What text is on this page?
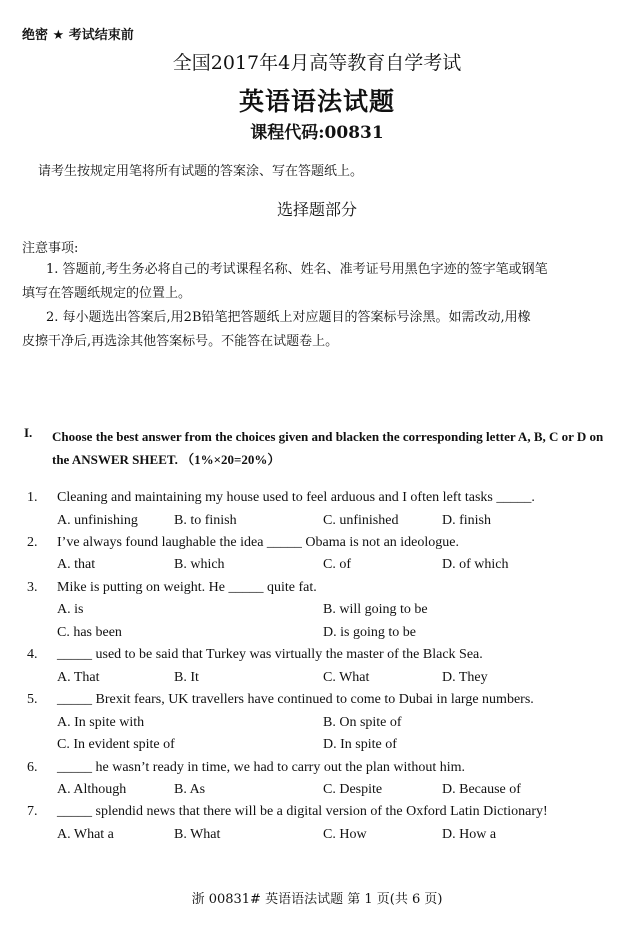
绝密 ★ 考试结束前
全国2017年4月高等教育自学考试
英语语法试题
课程代码:00831
请考生按规定用笔将所有试题的答案涂、写在答题纸上。
选择题部分
注意事项:
1. 答题前,考生务必将自己的考试课程名称、姓名、准考证号用黑色字迹的签字笔或钢笔
填写在答题纸规定的位置上。
2. 每小题选出答案后,用2B铅笔把答题纸上对应题目的答案标号涂黑。如需改动,用橡
皮擦干净后,再选涂其他答案标号。不能答在试题卷上。
I. Choose the best answer from the choices given and blacken the corresponding letter A, B, C or D on the ANSWER SHEET. （1%×20=20%）
1. Cleaning and maintaining my house used to feel arduous and I often left tasks _____.
A. unfinishing	B. to finish	C. unfinished	D. finish
2. I’ve always found laughable the idea _____ Obama is not an ideologue.
A. that	B. which	C. of	D. of which
3. Mike is putting on weight. He _____ quite fat.
A. is	B. will going to be
C. has been	D. is going to be
4. _____ used to be said that Turkey was virtually the master of the Black Sea.
A. That	B. It	C. What	D. They
5. _____ Brexit fears, UK travellers have continued to come to Dubai in large numbers.
A. In spite with	B. On spite of
C. In evident spite of	D. In spite of
6. _____ he wasn’t ready in time, we had to carry out the plan without him.
A. Although	B. As	C. Despite	D. Because of
7. _____ splendid news that there will be a digital version of the Oxford Latin Dictionary!
A. What a	B. What	C. How	D. How a
浙 00831# 英语语法试题 第 1 页(共 6 页)
